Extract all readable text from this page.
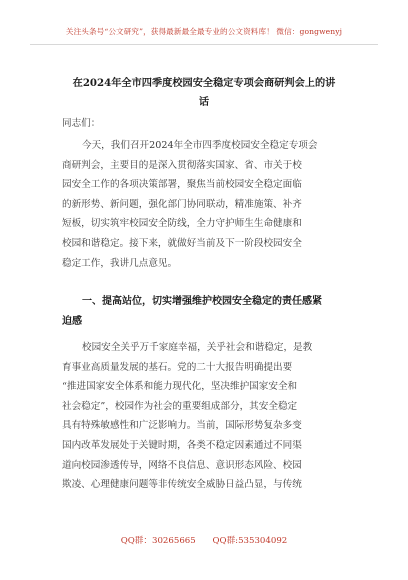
关注头条号“公文研究”，获得最新最全最专业的公文资料库！ 微信：gongwenyj
在2024年全市四季度校园安全稳定专项会商研判会上的讲
话
同志们：
今天，我们召开2024年全市四季度校园安全稳定专项会
商研判会，主要目的是深入贯彻落实国家、省、市关于校
园安全工作的各项决策部署，聚焦当前校园安全稳定面临
的新形势、新问题，强化部门协同联动，精准施策、补齐
短板，切实筑牢校园安全防线，全力守护师生生命健康和
校园和谐稳定。接下来，就做好当前及下一阶段校园安全
稳定工作，我讲几点意见。
一、提高站位，切实增强维护校园安全稳定的责任感紧
迫感
校园安全关乎万千家庭幸福，关乎社会和谐稳定，是教
育事业高质量发展的基石。党的二十大报告明确提出要
“推进国家安全体系和能力现代化，坚决维护国家安全和
社会稳定”，校园作为社会的重要组成部分，其安全稳定
具有特殊敏感性和广泛影响力。当前，国际形势复杂多变
国内改革发展处于关键时期，各类不稳定因素通过不同渠
道向校园渗透传导，网络不良信息、意识形态风险、校园
欺凌、心理健康问题等非传统安全威胁日益凸显，与传统
QQ群：30265665 QQ群:535304092
